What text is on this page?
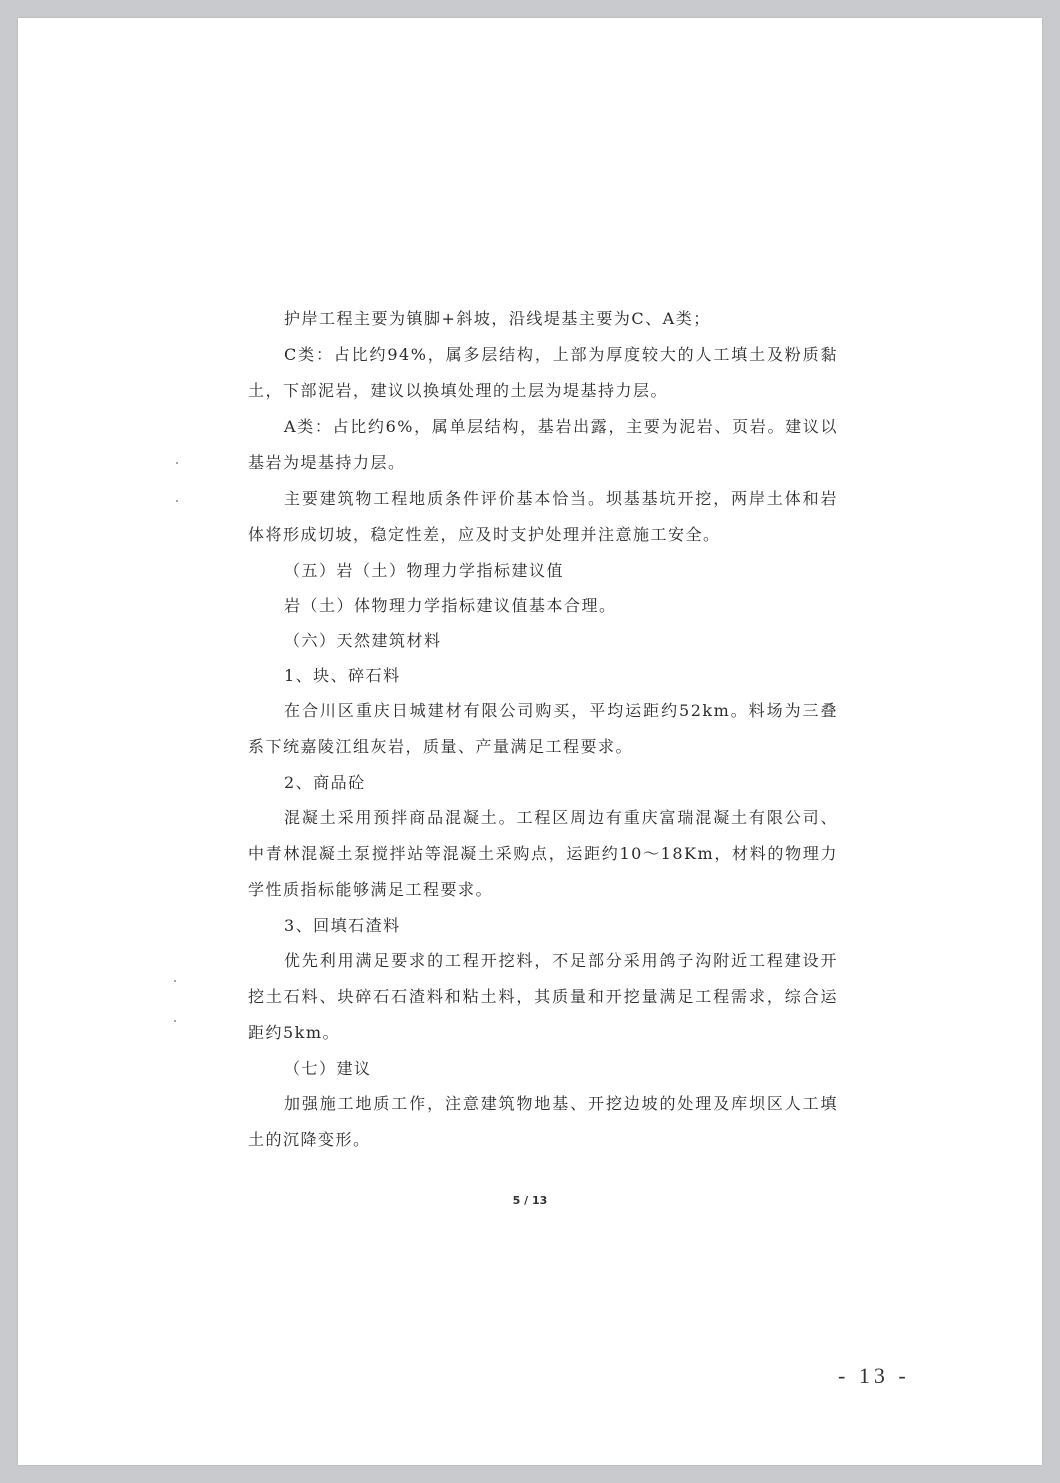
护岸工程主要为镇脚+斜坡，沿线堤基主要为C、A类；

C类：占比约94%，属多层结构，上部为厚度较大的人工填土及粉质黏土，下部泥岩，建议以换填处理的土层为堤基持力层。

A类：占比约6%，属单层结构，基岩出露，主要为泥岩、页岩。建议以基岩为堤基持力层。

主要建筑物工程地质条件评价基本恰当。坝基基坑开挖，两岸土体和岩体将形成切坡，稳定性差，应及时支护处理并注意施工安全。

（五）岩（土）物理力学指标建议值

岩（土）体物理力学指标建议值基本合理。

（六）天然建筑材料

1、块、碎石料

在合川区重庆日城建材有限公司购买，平均运距约52km。料场为三叠系下统嘉陵江组灰岩，质量、产量满足工程要求。

2、商品砼

混凝土采用预拌商品混凝土。工程区周边有重庆富瑞混凝土有限公司、中青林混凝土泵搅拌站等混凝土采购点，运距约10～18Km，材料的物理力学性质指标能够满足工程要求。

3、回填石渣料

优先利用满足要求的工程开挖料，不足部分采用鸽子沟附近工程建设开挖土石料、块碎石石渣料和粘土料，其质量和开挖量满足工程需求，综合运距约5km。

（七）建议

加强施工地质工作，注意建筑物地基、开挖边坡的处理及库坝区人工填土的沉降变形。

5 / 13
- 13 -
